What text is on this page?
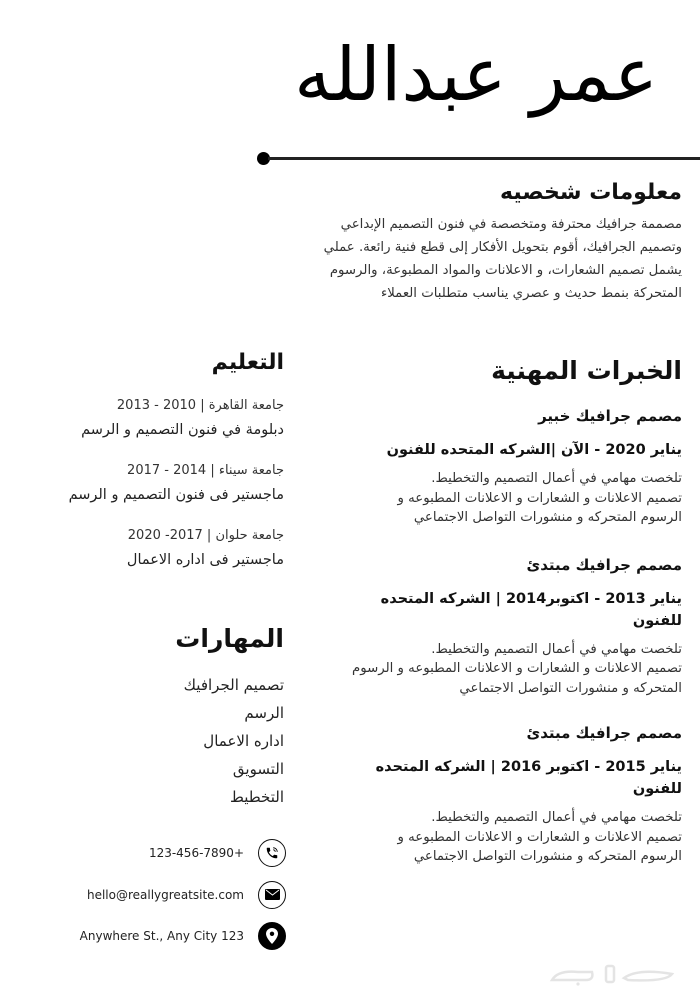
عمر عبدالله
معلومات شخصيه

مصممة جرافيك محترفة ومتخصصة في فنون التصميم الإبداعي
وتصميم الجرافيك، أقوم بتحويل الأفكار إلى قطع فنية رائعة. عملي
يشمل تصميم الشعارات، و الاعلانات والمواد المطبوعة، والرسوم
المتحركة بنمط حديث و عصري يناسب متطلبات العملاء

الخبرات المهنية
مصمم جرافيك خبير
يناير 2020 - الآن |الشركه المتحده للفنون
تلخصت مهامي في أعمال التصميم والتخطيط.
تصميم الاعلانات و الشعارات و الاعلانات المطبوعه و
الرسوم المتحركه و منشورات التواصل الاجتماعي
مصمم جرافيك مبتدئ
يناير 2013 - اكتوبر2014 | الشركه المتحده للفنون
تلخصت مهامي في أعمال التصميم والتخطيط.
تصميم الاعلانات و الشعارات و الاعلانات المطبوعه و الرسوم
المتحركه و منشورات التواصل الاجتماعي
مصمم جرافيك مبتدئ
يناير 2015 - اكتوبر 2016 | الشركه المتحده للفنون
تلخصت مهامي في أعمال التصميم والتخطيط.
تصميم الاعلانات و الشعارات و الاعلانات المطبوعه و
الرسوم المتحركه و منشورات التواصل الاجتماعي
التعليم
جامعة القاهرة | 2010 - 2013
دبلومة في فنون التصميم و الرسم
جامعة سيناء | 2014 - 2017
ماجستير فى فنون التصميم و الرسم
جامعة حلوان | 2017- 2020
ماجستير فى اداره الاعمال
المهارات
تصميم الجرافيك
الرسم
اداره الاعمال
التسويق
التخطيط
123-456-7890+
hello@reallygreatsite.com
Anywhere St., Any City 123
